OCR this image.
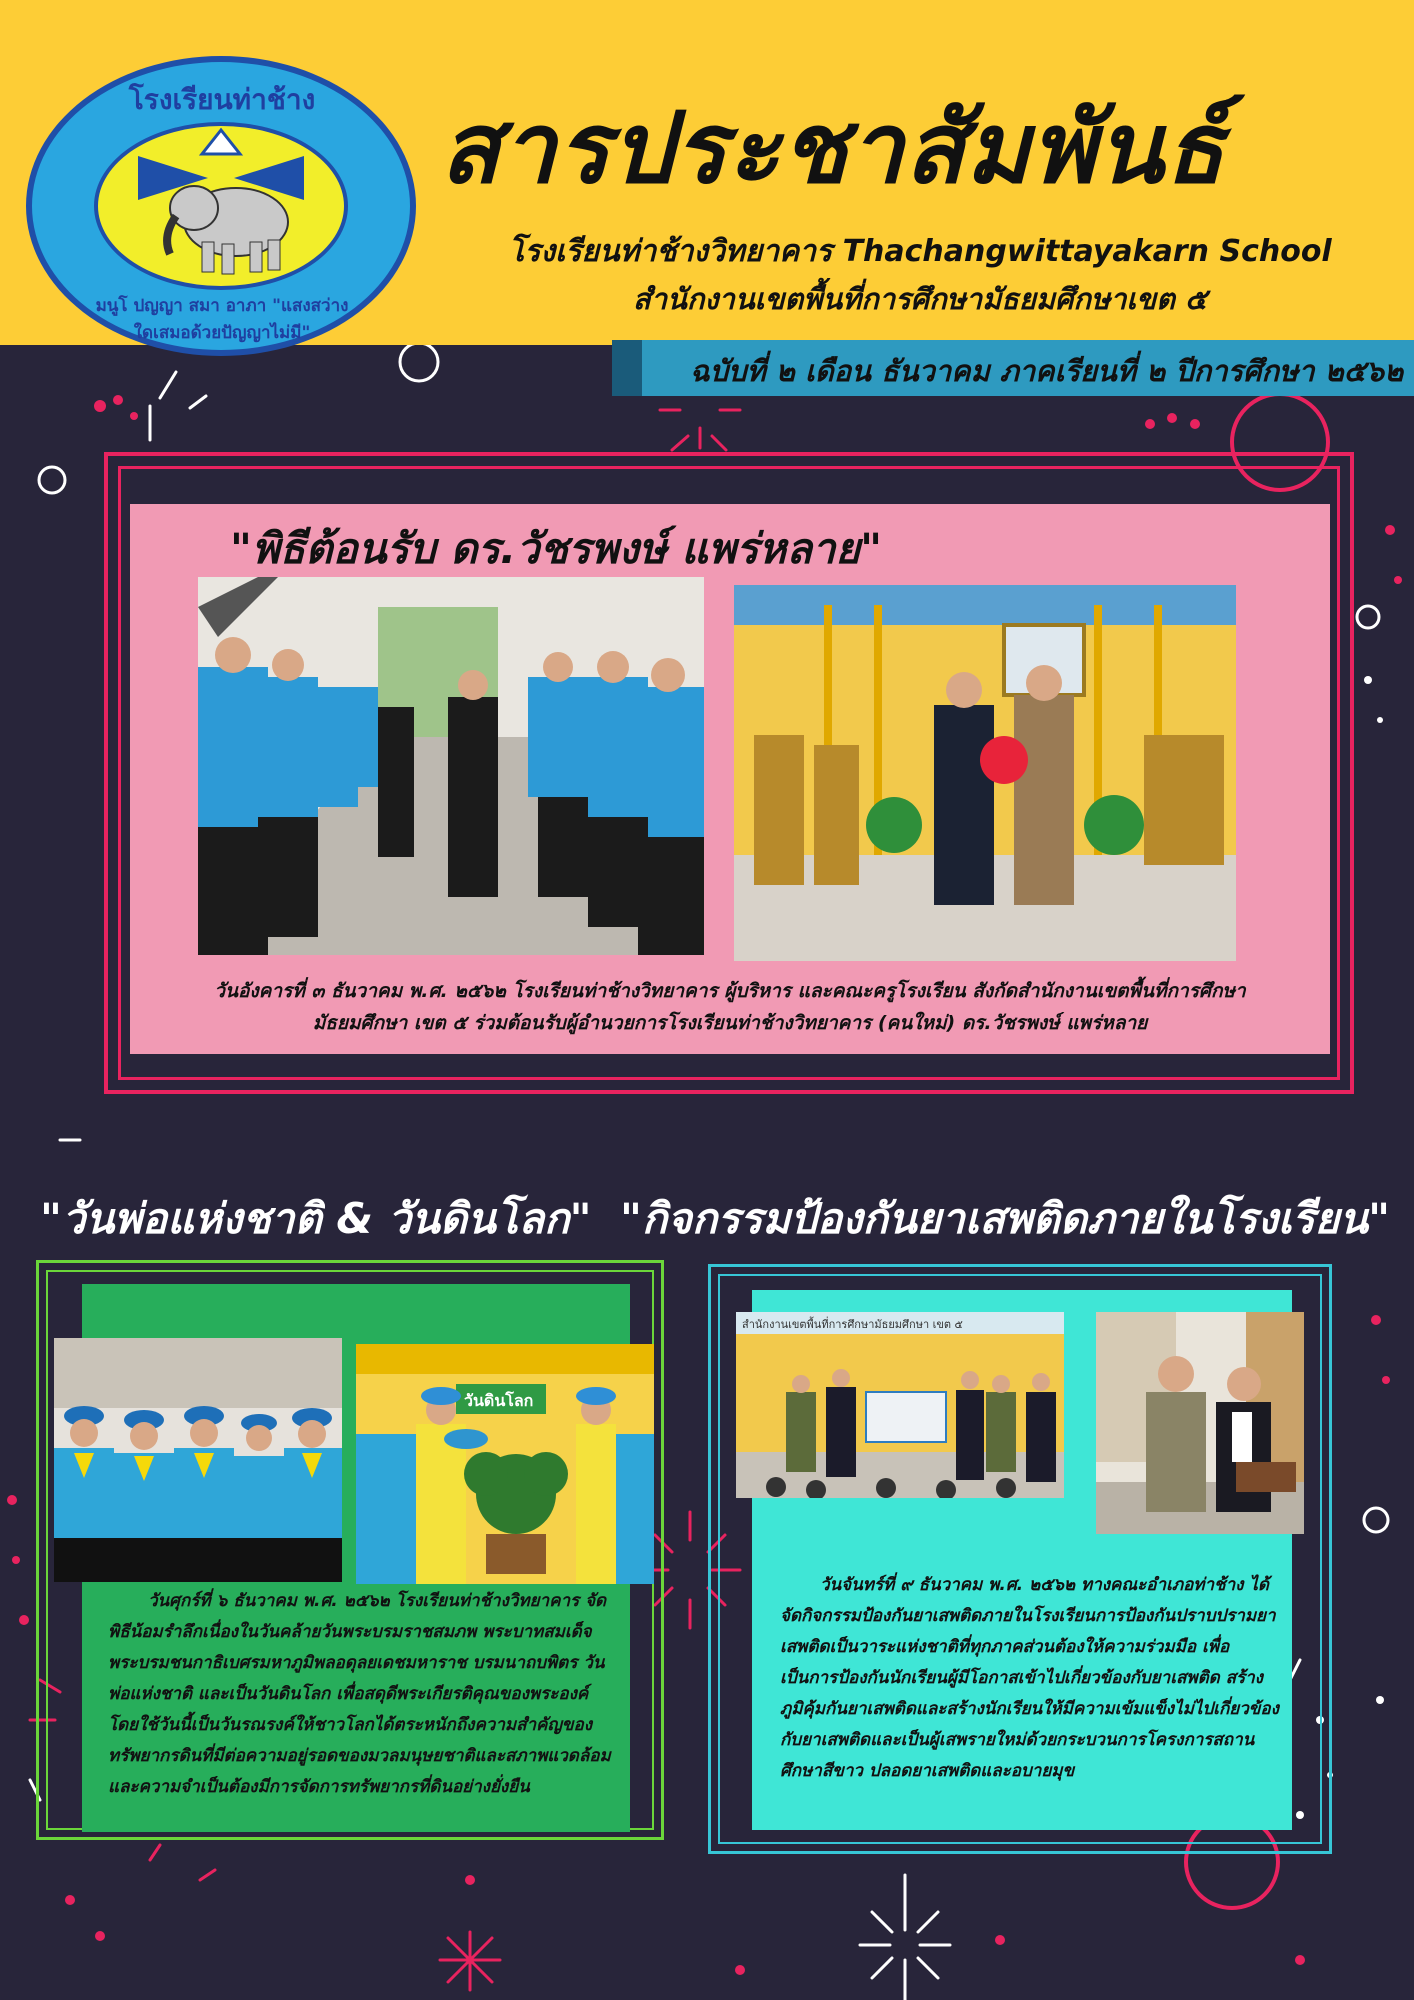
โรงเรียนท่าช้าง
มนูโ ปญญา สมา อาภา "แสงสว่างใดเสมอด้วยปัญญาไม่มี"
สารประชาสัมพันธ์
โรงเรียนท่าช้างวิทยาคาร Thachangwittayakarn School
สำนักงานเขตพื้นที่การศึกษามัธยมศึกษาเขต ๕
ฉบับที่ ๒ เดือน ธันวาคม ภาคเรียนที่ ๒ ปีการศึกษา ๒๕๖๒
"พิธีต้อนรับ ดร.วัชรพงษ์ แพร่หลาย"
วันอังคารที่ ๓ ธันวาคม พ.ศ. ๒๕๖๒ โรงเรียนท่าช้างวิทยาคาร ผู้บริหาร และคณะครูโรงเรียน สังกัดสำนักงานเขตพื้นที่การศึกษามัธยมศึกษา เขต ๕ ร่วมต้อนรับผู้อำนวยการโรงเรียนท่าช้างวิทยาคาร (คนใหม่) ดร.วัชรพงษ์ แพร่หลาย
"วันพ่อแห่งชาติ & วันดินโลก" "กิจกรรมป้องกันยาเสพติดภายในโรงเรียน"
วันดินโลก
วันศุกร์ที่ ๖ ธันวาคม พ.ศ. ๒๕๖๒ โรงเรียนท่าช้างวิทยาคาร จัดพิธีน้อมรำลึกเนื่องในวันคล้ายวันพระบรมราชสมภพ พระบาทสมเด็จพระบรมชนกาธิเบศรมหาภูมิพลอดุลยเดชมหาราช บรมนาถบพิตร วันพ่อแห่งชาติ และเป็นวันดินโลก เพื่อสดุดีพระเกียรติคุณของพระองค์โดยใช้วันนี้เป็นวันรณรงค์ให้ชาวโลกได้ตระหนักถึงความสำคัญของทรัพยากรดินที่มีต่อความอยู่รอดของมวลมนุษยชาติและสภาพแวดล้อมและความจำเป็นต้องมีการจัดการทรัพยากรที่ดินอย่างยั่งยืน
สำนักงานเขตพื้นที่การศึกษามัธยมศึกษา เขต ๕
วันจันทร์ที่ ๙ ธันวาคม พ.ศ. ๒๕๖๒ ทางคณะอำเภอท่าช้าง ได้จัดกิจกรรมป้องกันยาเสพติดภายในโรงเรียนการป้องกันปราบปรามยาเสพติดเป็นวาระแห่งชาติที่ทุกภาคส่วนต้องให้ความร่วมมือ เพื่อเป็นการป้องกันนักเรียนผู้มีโอกาสเข้าไปเกี่ยวข้องกับยาเสพติด สร้างภูมิคุ้มกันยาเสพติดและสร้างนักเรียนให้มีความเข้มแข็งไม่ไปเกี่ยวข้องกับยาเสพติดและเป็นผู้เสพรายใหม่ด้วยกระบวนการโครงการสถานศึกษาสีขาว ปลอดยาเสพติดและอบายมุข
